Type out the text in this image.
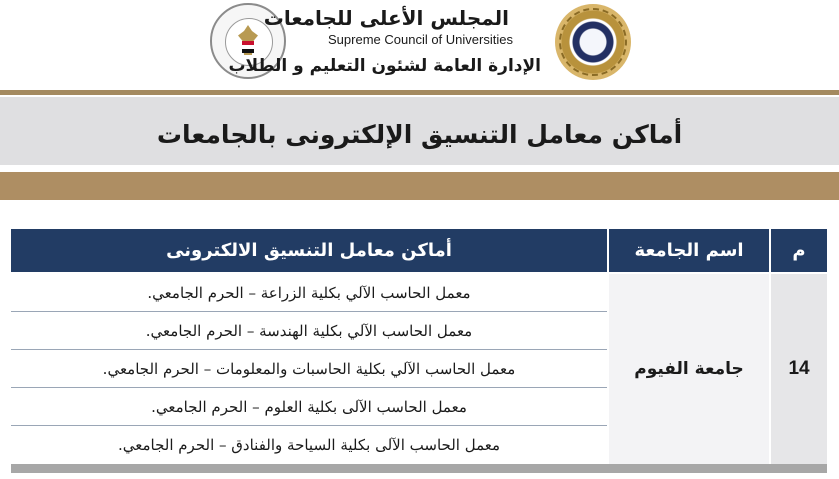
المجلس الأعلى للجامعات
Supreme Council of Universities
الإدارة العامة لشئون التعليم و الطلاب
أماكن معامل التنسيق الإلكترونى بالجامعات
م
اسم الجامعة
أماكن معامل التنسيق الالكترونى
14
جامعة الفيوم
معمل الحاسب الآلي بكلية الزراعة – الحرم الجامعي.
معمل الحاسب الآلي بكلية الهندسة – الحرم الجامعي.
معمل الحاسب الآلي بكلية الحاسبات والمعلومات – الحرم الجامعي.
معمل الحاسب الآلى بكلية العلوم – الحرم الجامعي.
معمل الحاسب الآلى بكلية السياحة والفنادق – الحرم الجامعي.
